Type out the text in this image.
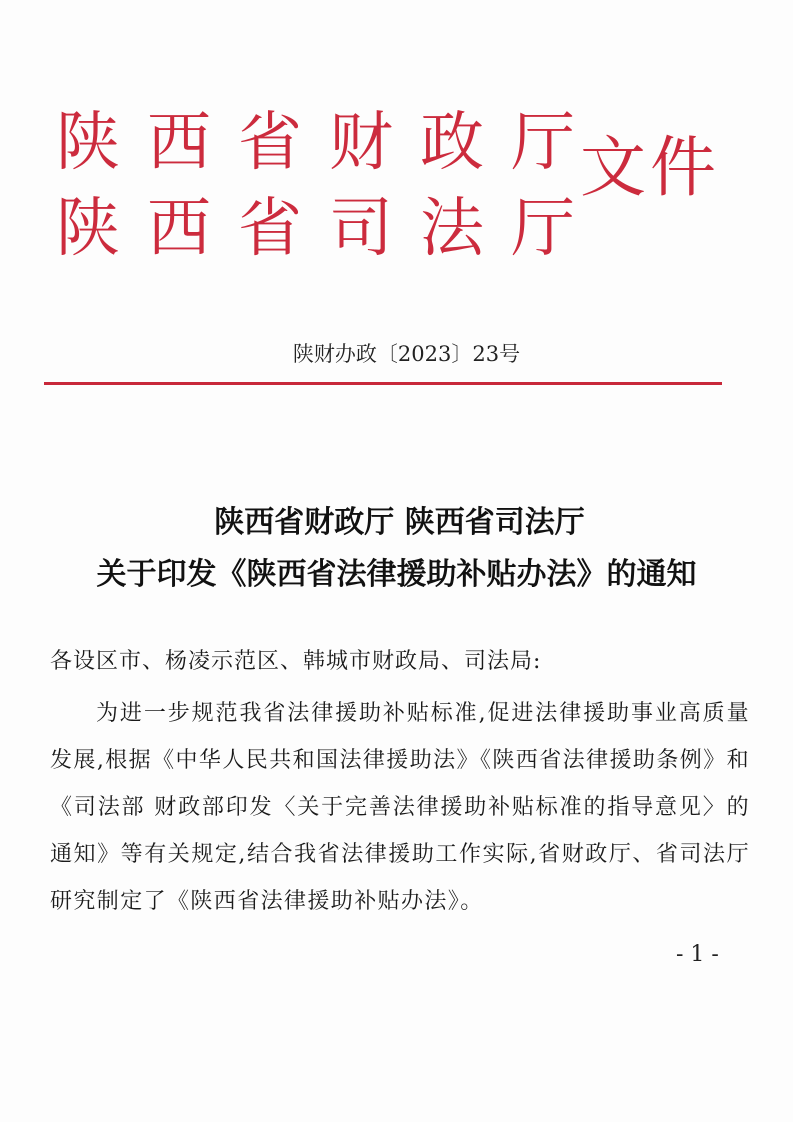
陕西省财政厅
陕西省司法厅
文件
陕财办政〔2023〕23号
陕西省财政厅 陕西省司法厅
关于印发《陕西省法律援助补贴办法》的通知
各设区市、杨凌示范区、韩城市财政局、司法局:
为进一步规范我省法律援助补贴标准,促进法律援助事业高质量发展,根据《中华人民共和国法律援助法》《陕西省法律援助条例》和《司法部 财政部印发〈关于完善法律援助补贴标准的指导意见〉的通知》等有关规定,结合我省法律援助工作实际,省财政厅、省司法厅研究制定了《陕西省法律援助补贴办法》。
- 1 -
